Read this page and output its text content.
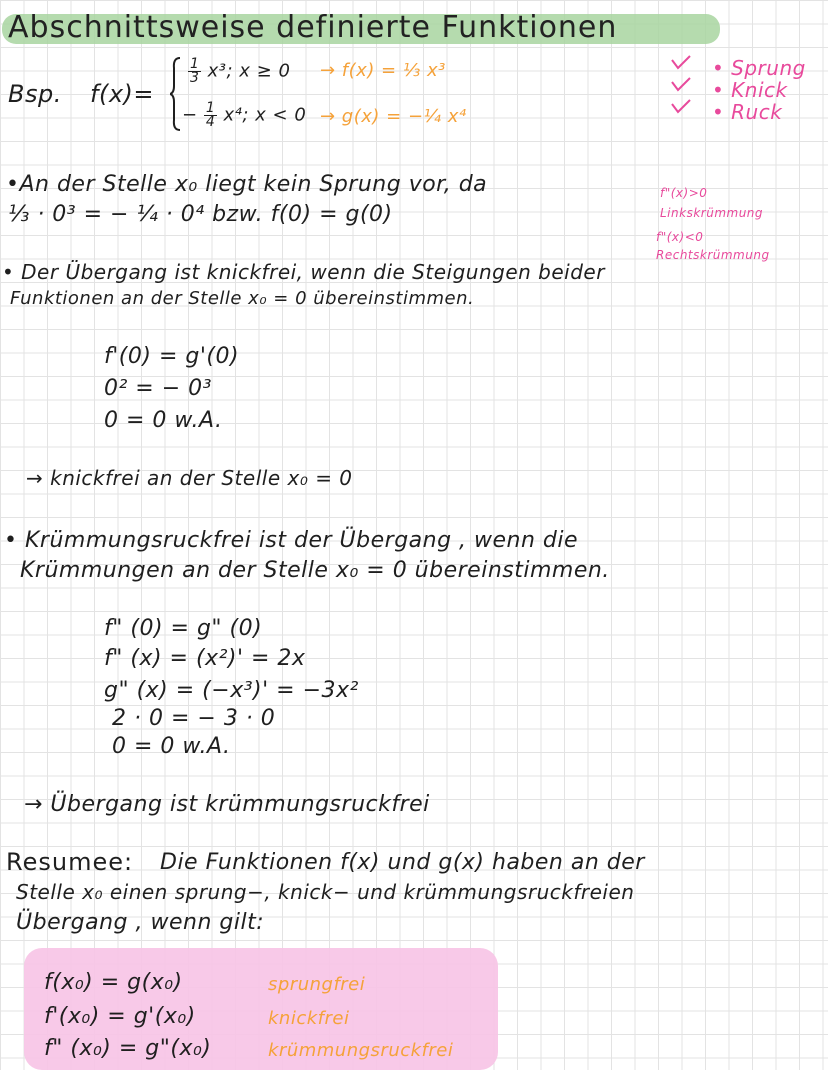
Abschnittsweise definierte Funktionen
Bsp. f(x)=
$\frac{1}{3} x^3$; x ≥ 0 → f(x) = ⅓ x³
− $\frac{1}{4} x^4$; x < 0 → g(x) = −¼ x⁴
• Sprung
• Knick
• Ruck
f"(x)>0
Linkskrümmung
f"(x)<0
Rechtskrümmung
•An der Stelle x₀ liegt kein Sprung vor, da
⅓ · 0³ = − ¼ · 0⁴ bzw. f(0) = g(0)
• Der Übergang ist knickfrei, wenn die Steigungen beider
Funktionen an der Stelle x₀ = 0 übereinstimmen.
f'(0) = g'(0)
0² = − 0³
0 = 0 w.A.
→ knickfrei an der Stelle x₀ = 0
• Krümmungsruckfrei ist der Übergang , wenn die
Krümmungen an der Stelle x₀ = 0 übereinstimmen.
f" (0) = g" (0)
f" (x) = (x²)' = 2x
g" (x) = (−x³)' = −3x²
2 · 0 = − 3 · 0
0 = 0 w.A.
→ Übergang ist krümmungsruckfrei
Resumee: Die Funktionen f(x) und g(x) haben an der
Stelle x₀ einen sprung−, knick− und krümmungsruckfreien
Übergang , wenn gilt:
f(x₀) = g(x₀)	sprungfrei
f'(x₀) = g'(x₀)	knickfrei
f" (x₀) = g"(x₀)	krümmungsruckfrei
